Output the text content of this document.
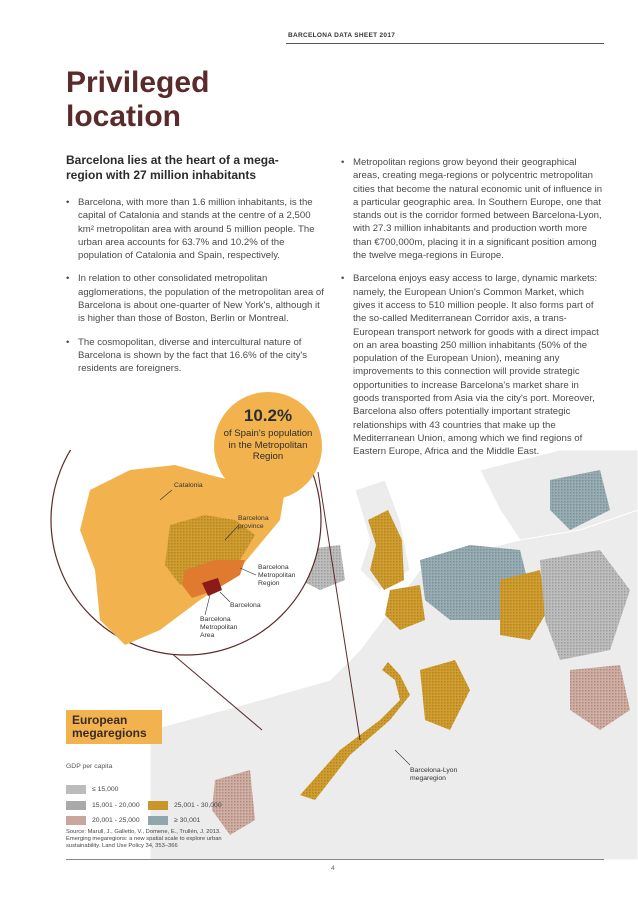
BARCELONA DATA SHEET 2017
Privileged
location
Barcelona lies at the heart of a mega-region with 27 million inhabitants
• Barcelona, with more than 1.6 million inhabitants, is the capital of Catalonia and stands at the centre of a 2,500 km² metropolitan area with around 5 million people. The urban area accounts for 63.7% and 10.2% of the population of Catalonia and Spain, respectively.
• In relation to other consolidated metropolitan agglomerations, the population of the metropolitan area of Barcelona is about one-quarter of New York's, although it is higher than those of Boston, Berlin or Montreal.
• The cosmopolitan, diverse and intercultural nature of Barcelona is shown by the fact that 16.6% of the city's residents are foreigners.
• Metropolitan regions grow beyond their geographical areas, creating mega-regions or polycentric metropolitan cities that become the natural economic unit of influence in a particular geographic area. In Southern Europe, one that stands out is the corridor formed between Barcelona-Lyon, with 27.3 million inhabitants and production worth more than €700,000m, placing it in a significant position among the twelve mega-regions in Europe.
• Barcelona enjoys easy access to large, dynamic markets: namely, the European Union's Common Market, which gives it access to 510 million people. It also forms part of the so-called Mediterranean Corridor axis, a trans-European transport network for goods with a direct impact on an area boasting 250 million inhabitants (50% of the population of the European Union), meaning any improvements to this connection will provide strategic opportunities to increase Barcelona's market share in goods transported from Asia via the city's port. Moreover, Barcelona also offers potentially important strategic relationships with 43 countries that make up the Mediterranean Union, among which we find regions of Eastern Europe, Africa and the Middle East.
Catalonia
Barcelona province
Barcelona Metropolitan Region
Barcelona
Barcelona Metropolitan Area
Barcelona-Lyon megaregion
10.2%
of Spain's population in the Metropolitan Region
European
megaregions
GDP per capita
≤ 15,000
15,001 - 20,000
20,001 - 25,000
25,001 - 30,000
≥ 30,001
Source: Marull, J., Galletto, V., Domene, E., Trullén, J. 2013. Emerging megaregions: a new spatial scale to explore urban sustainability. Land Use Policy 34, 353–366
4
